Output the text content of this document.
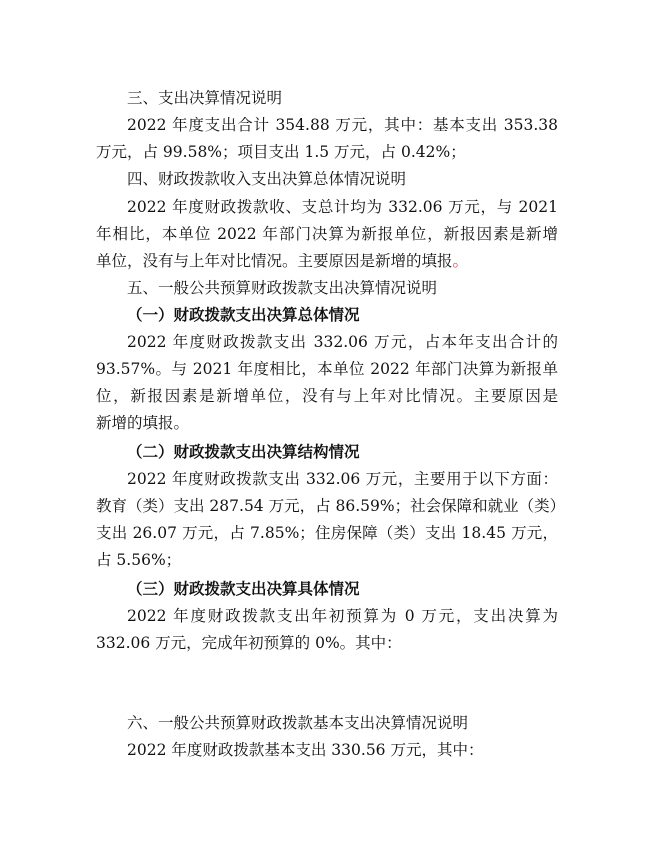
三、支出决算情况说明
2022 年度支出合计 354.88 万元，其中：基本支出 353.38
万元，占 99.58%；项目支出 1.5 万元，占 0.42%；
四、财政拨款收入支出决算总体情况说明
2022 年度财政拨款收、支总计均为 332.06 万元，与 2021
年相比，本单位 2022 年部门决算为新报单位，新报因素是新增
单位，没有与上年对比情况。主要原因是新增的填报。
五、一般公共预算财政拨款支出决算情况说明
（一）财政拨款支出决算总体情况
2022 年度财政拨款支出 332.06 万元，占本年支出合计的
93.57%。与 2021 年度相比，本单位 2022 年部门决算为新报单
位，新报因素是新增单位，没有与上年对比情况。主要原因是
新增的填报。
（二）财政拨款支出决算结构情况
2022 年度财政拨款支出 332.06 万元，主要用于以下方面：
教育（类）支出 287.54 万元，占 86.59%；社会保障和就业（类）
支出 26.07 万元，占 7.85%；住房保障（类）支出 18.45 万元，
占 5.56%；
（三）财政拨款支出决算具体情况
2022 年度财政拨款支出年初预算为 0 万元，支出决算为
332.06 万元，完成年初预算的 0%。其中：
六、一般公共预算财政拨款基本支出决算情况说明
2022 年度财政拨款基本支出 330.56 万元，其中：
